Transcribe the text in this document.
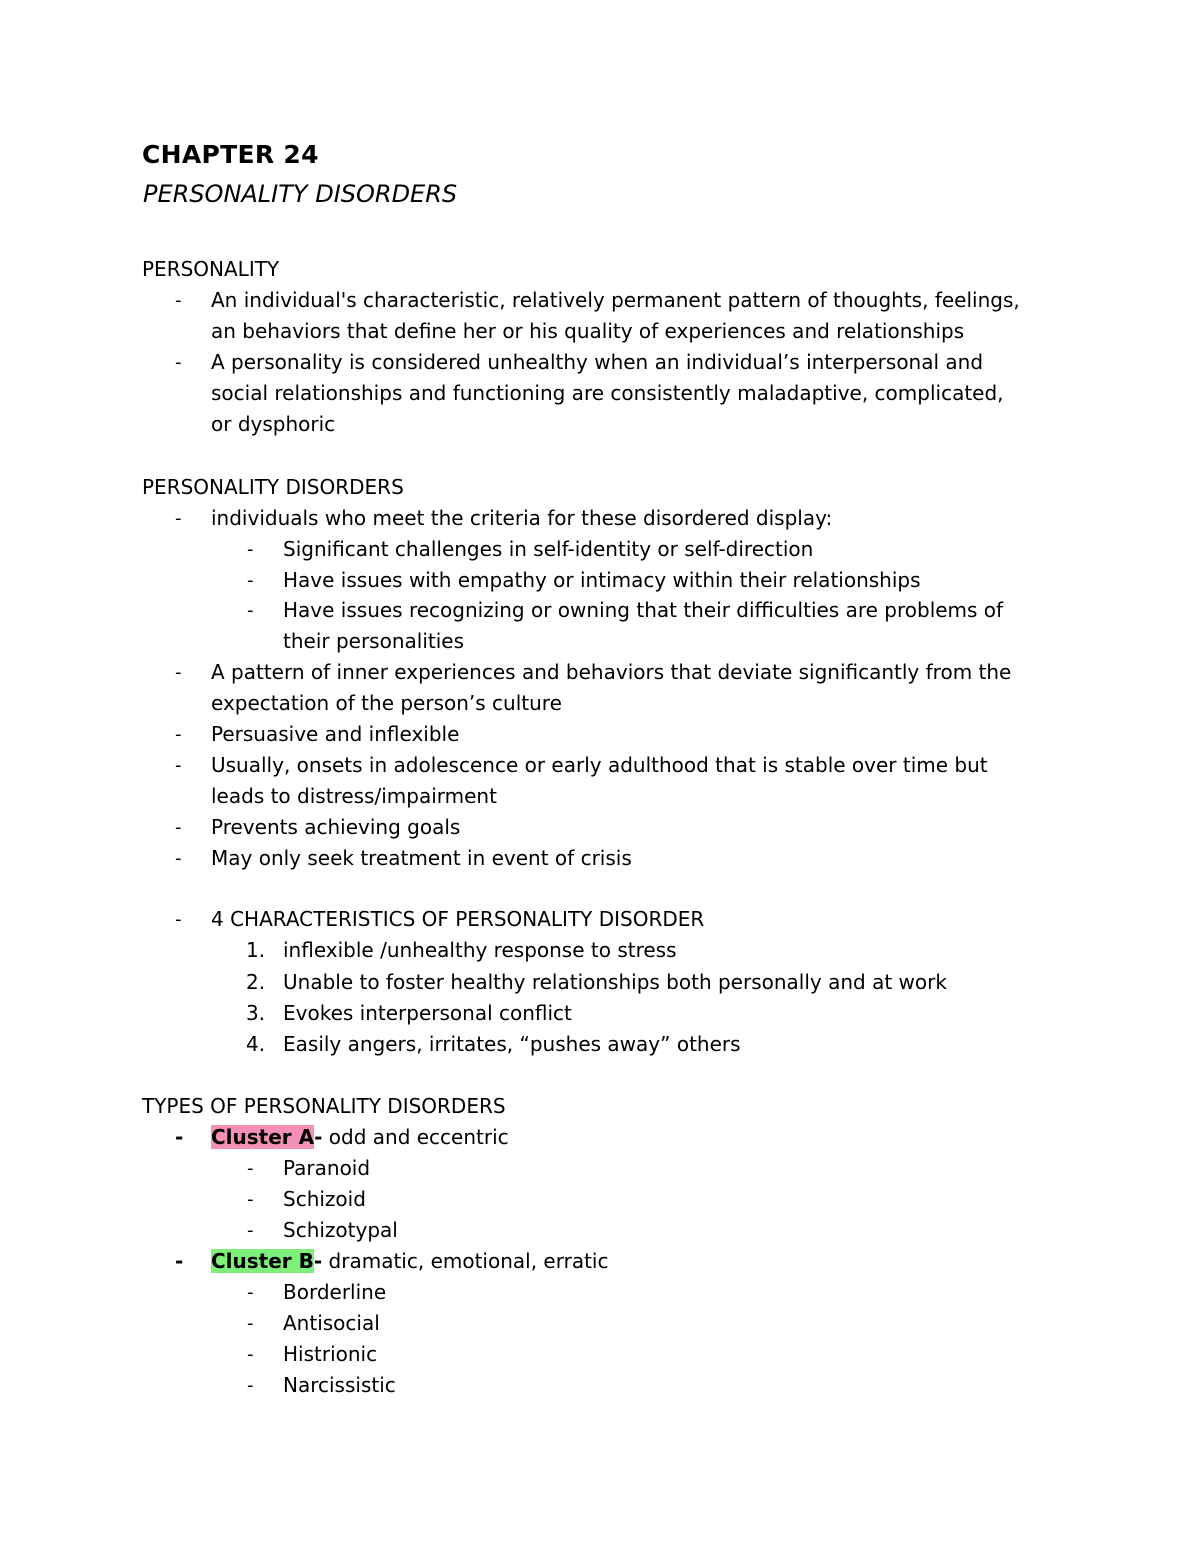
CHAPTER 24
PERSONALITY DISORDERS
PERSONALITY
- An individual's characteristic, relatively permanent pattern of thoughts, feelings,
an behaviors that define her or his quality of experiences and relationships
- A personality is considered unhealthy when an individual’s interpersonal and
social relationships and functioning are consistently maladaptive, complicated,
or dysphoric
PERSONALITY DISORDERS
- individuals who meet the criteria for these disordered display:
- Significant challenges in self-identity or self-direction
- Have issues with empathy or intimacy within their relationships
- Have issues recognizing or owning that their difficulties are problems of
their personalities
- A pattern of inner experiences and behaviors that deviate significantly from the
expectation of the person’s culture
- Persuasive and inflexible
- Usually, onsets in adolescence or early adulthood that is stable over time but
leads to distress/impairment
- Prevents achieving goals
- May only seek treatment in event of crisis
- 4 CHARACTERISTICS OF PERSONALITY DISORDER
1. inflexible /unhealthy response to stress
2. Unable to foster healthy relationships both personally and at work
3. Evokes interpersonal conflict
4. Easily angers, irritates, “pushes away” others
TYPES OF PERSONALITY DISORDERS
- Cluster A- odd and eccentric
- Paranoid
- Schizoid
- Schizotypal
- Cluster B- dramatic, emotional, erratic
- Borderline
- Antisocial
- Histrionic
- Narcissistic
